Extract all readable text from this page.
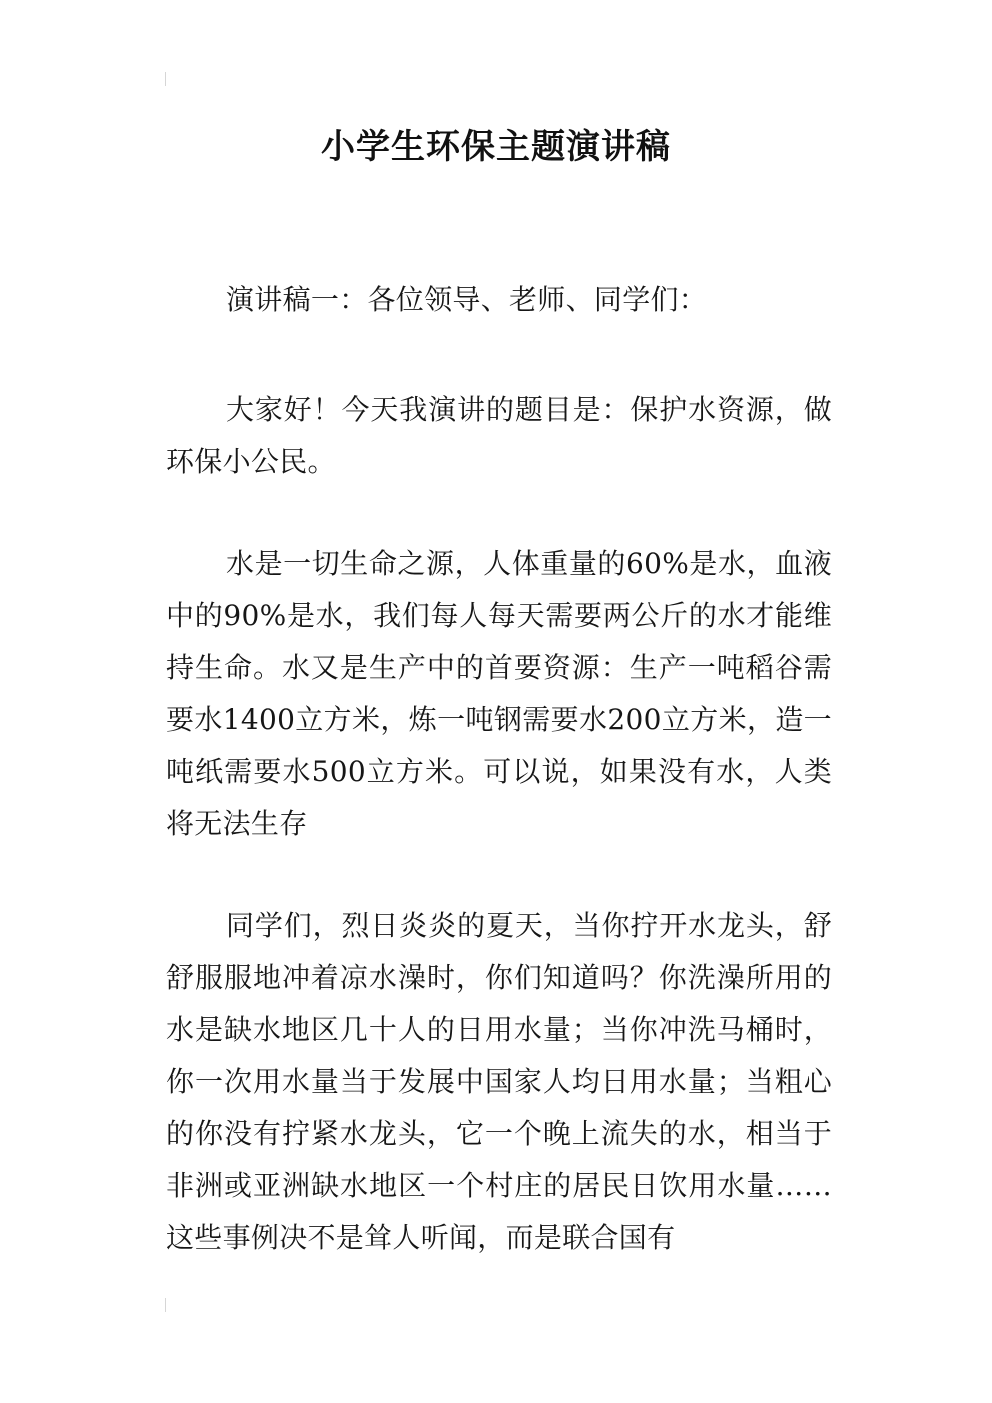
小学生环保主题演讲稿

演讲稿一：各位领导、老师、同学们：

大家好！今天我演讲的题目是：保护水资源，做环保小公民。

水是一切生命之源，人体重量的60%是水，血液中的90%是水，我们每人每天需要两公斤的水才能维持生命。水又是生产中的首要资源：生产一吨稻谷需要水1400立方米，炼一吨钢需要水200立方米，造一吨纸需要水500立方米。可以说，如果没有水，人类将无法生存

同学们，烈日炎炎的夏天，当你拧开水龙头，舒舒服服地冲着凉水澡时，你们知道吗？你洗澡所用的水是缺水地区几十人的日用水量；当你冲洗马桶时，你一次用水量当于发展中国家人均日用水量；当粗心的你没有拧紧水龙头，它一个晚上流失的水，相当于非洲或亚洲缺水地区一个村庄的居民日饮用水量……这些事例决不是耸人听闻，而是联合国有
